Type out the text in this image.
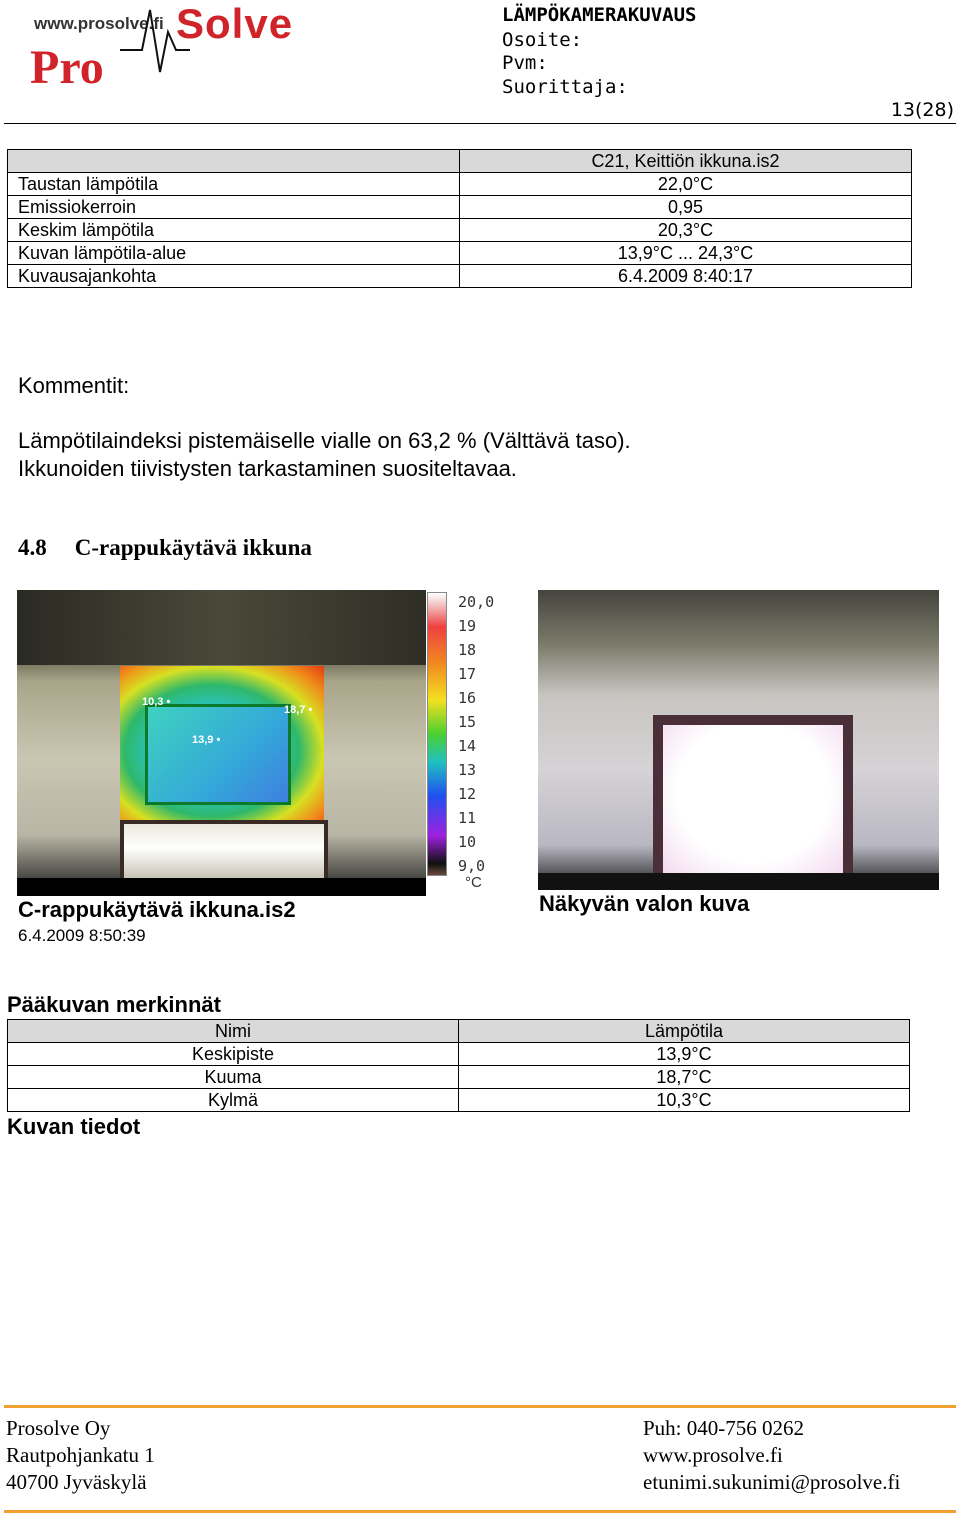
www.prosolve.fi Solve
Pro
LÄMPÖKAMERAKUVAUS
Osoite:
Pvm:
Suorittaja:
13(28)
	C21, Keittiön ikkuna.is2
Taustan lämpötila	22,0°C
Emissiokerroin	0,95
Keskim lämpötila	20,3°C
Kuvan lämpötila-alue	13,9°C ... 24,3°C
Kuvausajankohta	6.4.2009 8:40:17
Kommentit:
Lämpötilaindeksi pistemäiselle vialle on 63,2 % (Välttävä taso).
Ikkunoiden tiivistysten tarkastaminen suositeltavaa.
4.8 C-rappukäytävä ikkuna
10,3 •
18,7 •
13,9 •
20,0
19
18
17
16
15
14
13
12
11
10
9,0
°C
C-rappukäytävä ikkuna.is2
6.4.2009 8:50:39
Näkyvän valon kuva
Pääkuvan merkinnät
Nimi	Lämpötila
Keskipiste	13,9°C
Kuuma	18,7°C
Kylmä	10,3°C
Kuvan tiedot
Prosolve Oy
Rautpohjankatu 1
40700 Jyväskylä
Puh: 040-756 0262
www.prosolve.fi
etunimi.sukunimi@prosolve.fi
